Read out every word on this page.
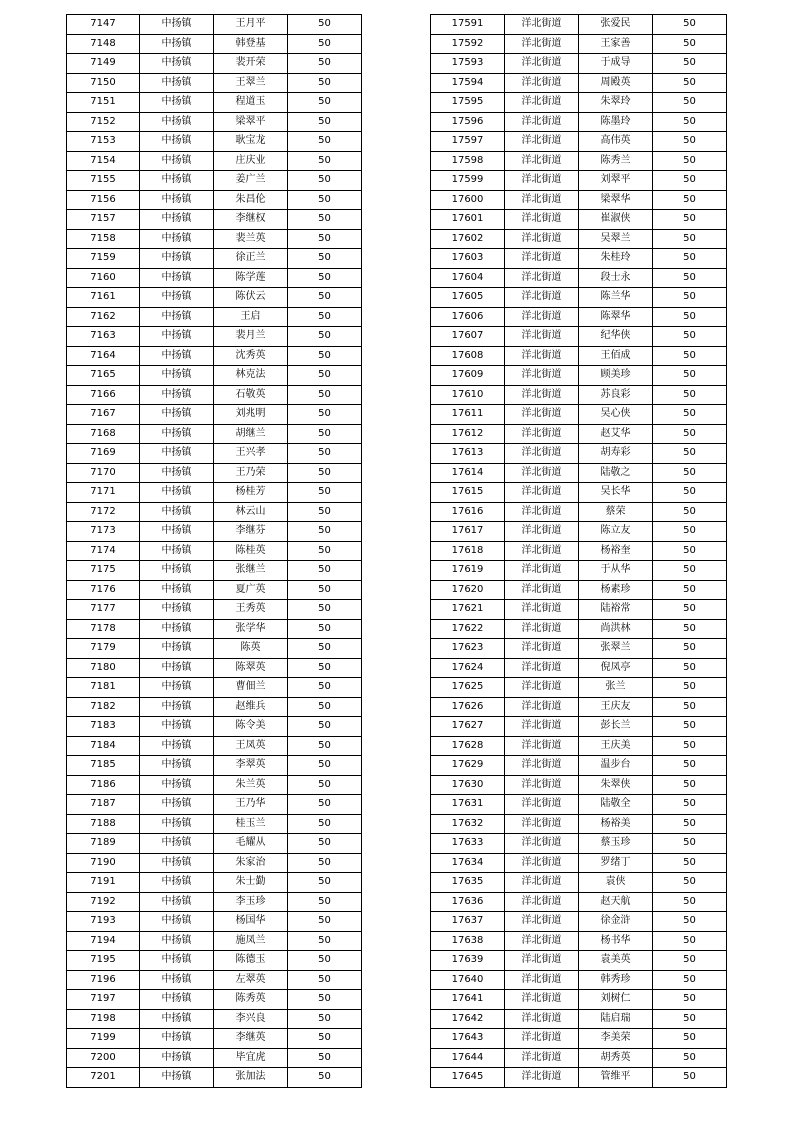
7147	中扬镇	王月平	50
7148	中扬镇	韩登基	50
7149	中扬镇	裴开荣	50
7150	中扬镇	王翠兰	50
7151	中扬镇	程道玉	50
7152	中扬镇	梁翠平	50
7153	中扬镇	耿宝龙	50
7154	中扬镇	庄庆业	50
7155	中扬镇	姜广兰	50
7156	中扬镇	朱昌伦	50
7157	中扬镇	李继权	50
7158	中扬镇	裴兰英	50
7159	中扬镇	徐正兰	50
7160	中扬镇	陈学莲	50
7161	中扬镇	陈伏云	50
7162	中扬镇	王启	50
7163	中扬镇	裴月兰	50
7164	中扬镇	沈秀英	50
7165	中扬镇	林克法	50
7166	中扬镇	石敬英	50
7167	中扬镇	刘兆明	50
7168	中扬镇	胡继兰	50
7169	中扬镇	王兴孝	50
7170	中扬镇	王乃荣	50
7171	中扬镇	杨桂芳	50
7172	中扬镇	林云山	50
7173	中扬镇	李继芬	50
7174	中扬镇	陈桂英	50
7175	中扬镇	张继兰	50
7176	中扬镇	夏广英	50
7177	中扬镇	王秀英	50
7178	中扬镇	张学华	50
7179	中扬镇	陈英	50
7180	中扬镇	陈翠英	50
7181	中扬镇	曹佃兰	50
7182	中扬镇	赵维兵	50
7183	中扬镇	陈令美	50
7184	中扬镇	王凤英	50
7185	中扬镇	李翠英	50
7186	中扬镇	朱兰英	50
7187	中扬镇	王乃华	50
7188	中扬镇	桂玉兰	50
7189	中扬镇	毛耀从	50
7190	中扬镇	朱家治	50
7191	中扬镇	朱士勤	50
7192	中扬镇	李玉珍	50
7193	中扬镇	杨国华	50
7194	中扬镇	施凤兰	50
7195	中扬镇	陈德玉	50
7196	中扬镇	左翠英	50
7197	中扬镇	陈秀英	50
7198	中扬镇	李兴良	50
7199	中扬镇	李继英	50
7200	中扬镇	毕宜虎	50
7201	中扬镇	张加法	50
17591	洋北街道	张爱民	50
17592	洋北街道	王家善	50
17593	洋北街道	于成导	50
17594	洋北街道	周殿英	50
17595	洋北街道	朱翠玲	50
17596	洋北街道	陈墨玲	50
17597	洋北街道	高伟英	50
17598	洋北街道	陈秀兰	50
17599	洋北街道	刘翠平	50
17600	洋北街道	梁翠华	50
17601	洋北街道	崔淑侠	50
17602	洋北街道	吴翠兰	50
17603	洋北街道	朱桂玲	50
17604	洋北街道	段士永	50
17605	洋北街道	陈兰华	50
17606	洋北街道	陈翠华	50
17607	洋北街道	纪华侠	50
17608	洋北街道	王佰成	50
17609	洋北街道	顾美珍	50
17610	洋北街道	苏良彩	50
17611	洋北街道	吴心侠	50
17612	洋北街道	赵艾华	50
17613	洋北街道	胡寿彩	50
17614	洋北街道	陆敬之	50
17615	洋北街道	吴长华	50
17616	洋北街道	蔡荣	50
17617	洋北街道	陈立友	50
17618	洋北街道	杨裕奎	50
17619	洋北街道	于从华	50
17620	洋北街道	杨素珍	50
17621	洋北街道	陆裕常	50
17622	洋北街道	尚洪林	50
17623	洋北街道	张翠兰	50
17624	洋北街道	倪凤亭	50
17625	洋北街道	张兰	50
17626	洋北街道	王庆友	50
17627	洋北街道	彭长兰	50
17628	洋北街道	王庆美	50
17629	洋北街道	温步台	50
17630	洋北街道	朱翠侠	50
17631	洋北街道	陆敬全	50
17632	洋北街道	杨裕美	50
17633	洋北街道	蔡玉珍	50
17634	洋北街道	罗绪丁	50
17635	洋北街道	袁侠	50
17636	洋北街道	赵天航	50
17637	洋北街道	徐金浒	50
17638	洋北街道	杨书华	50
17639	洋北街道	袁美英	50
17640	洋北街道	韩秀珍	50
17641	洋北街道	刘树仁	50
17642	洋北街道	陆启瑞	50
17643	洋北街道	李美荣	50
17644	洋北街道	胡秀英	50
17645	洋北街道	管维平	50
